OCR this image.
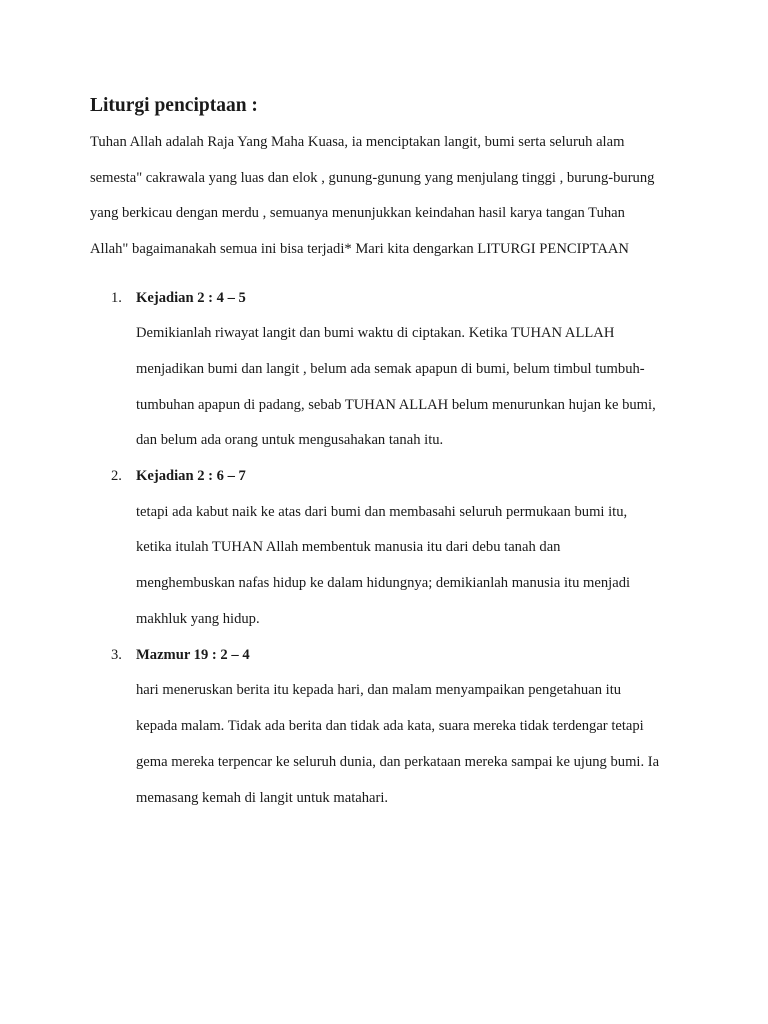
Liturgi penciptaan :

Tuhan Allah adalah Raja Yang Maha Kuasa, ia menciptakan langit, bumi serta seluruh alam

semesta" cakrawala yang luas dan elok , gunung-gunung yang menjulang tinggi , burung-burung

yang berkicau dengan merdu , semuanya menunjukkan keindahan hasil karya tangan Tuhan

Allah" bagaimanakah semua ini bisa terjadi* Mari kita dengarkan LITURGI PENCIPTAAN

1. Kejadian 2 : 4 – 5

Demikianlah riwayat langit dan bumi waktu di ciptakan. Ketika TUHAN ALLAH

menjadikan bumi dan langit , belum ada semak apapun di bumi, belum timbul tumbuh-

tumbuhan apapun di padang, sebab TUHAN ALLAH belum menurunkan hujan ke bumi,

dan belum ada orang untuk mengusahakan tanah itu.

2. Kejadian 2 : 6 – 7

tetapi ada kabut naik ke atas dari bumi dan membasahi seluruh permukaan bumi itu,

ketika itulah TUHAN Allah membentuk manusia itu dari debu tanah dan

menghembuskan nafas hidup ke dalam hidungnya; demikianlah manusia itu menjadi

makhluk yang hidup.

3. Mazmur 19 : 2 – 4

hari meneruskan berita itu kepada hari, dan malam menyampaikan pengetahuan itu

kepada malam. Tidak ada berita dan tidak ada kata, suara mereka tidak terdengar tetapi

gema mereka terpencar ke seluruh dunia, dan perkataan mereka sampai ke ujung bumi. Ia

memasang kemah di langit untuk matahari.
